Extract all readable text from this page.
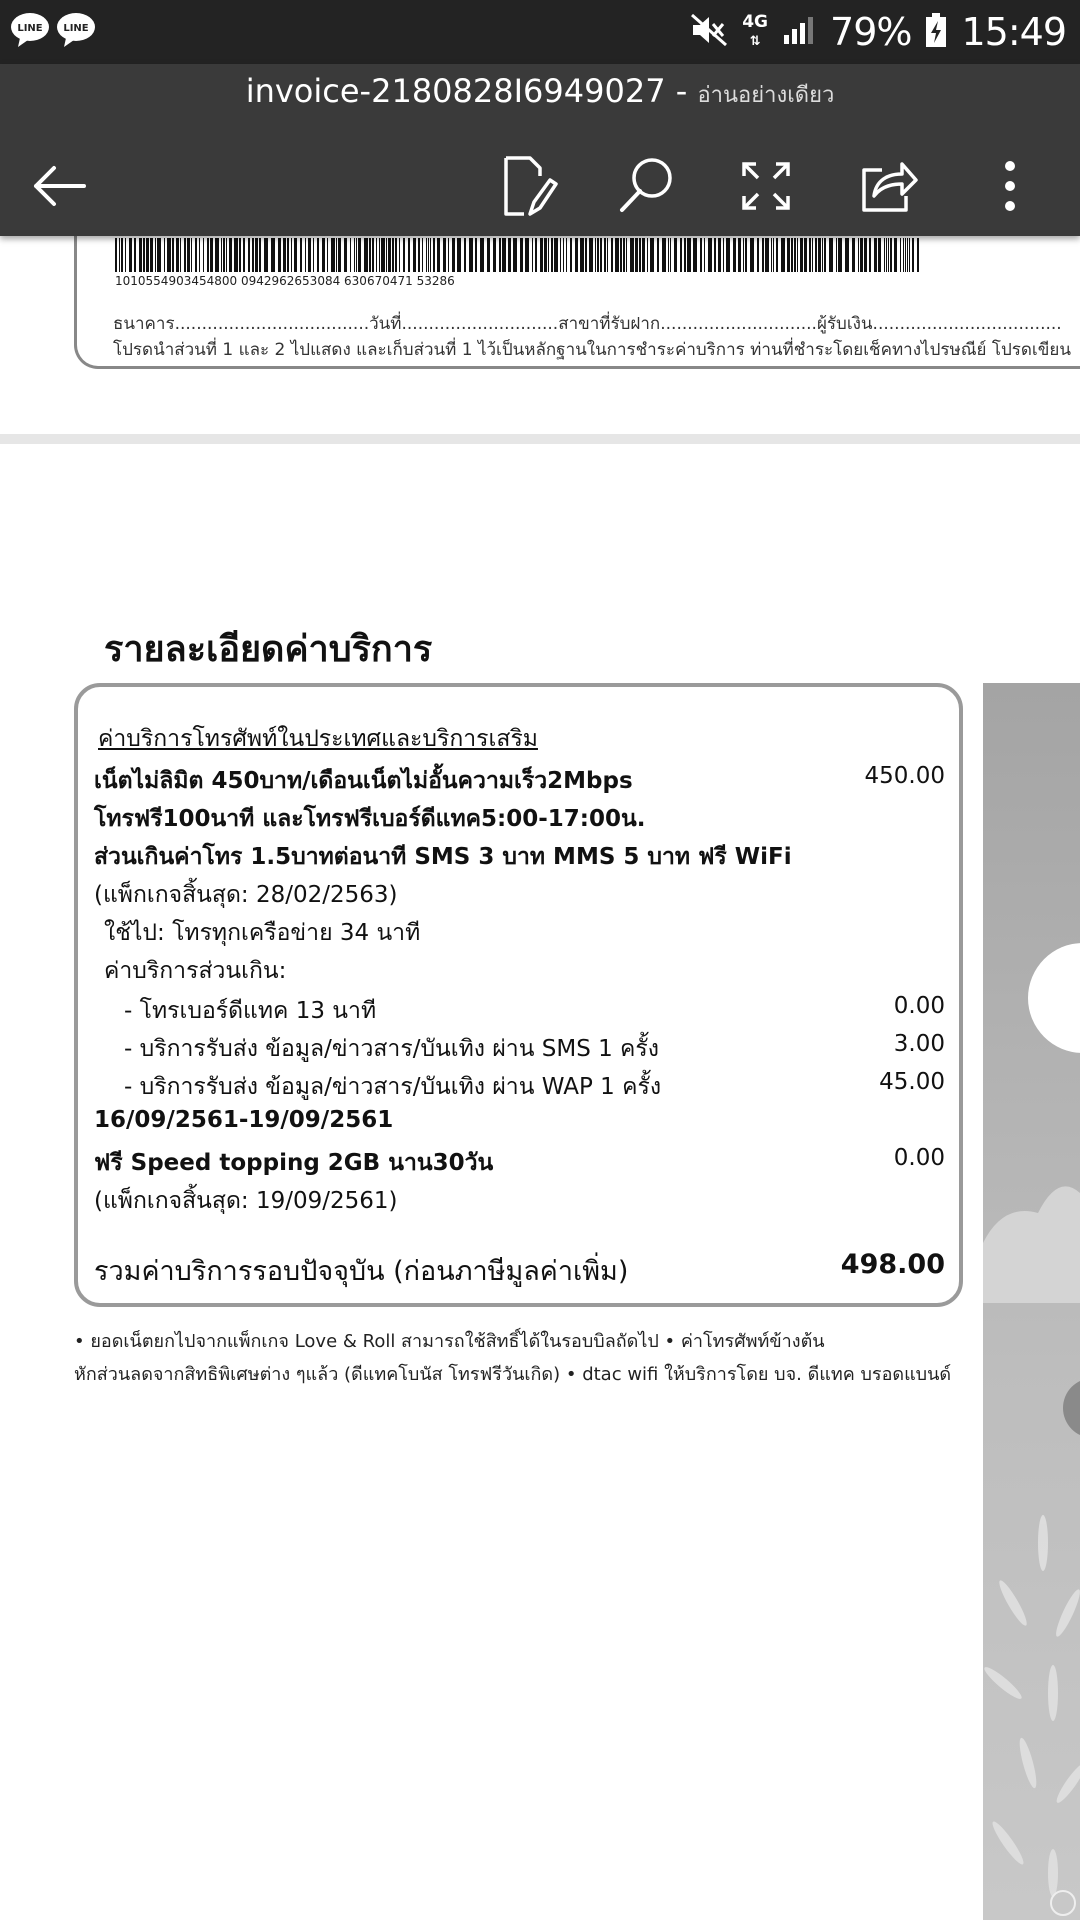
LINE LINE	4G
⇅ 79% 15:49
invoice-2180828I6949027 - อ่านอย่างเดียว
1010554903454800 0942962653084 630670471 53286
ธนาคาร....................................วันที่.............................สาขาที่รับฝาก.............................ผู้รับเงิน...................................
โปรดนำส่วนที่ 1 และ 2 ไปแสดง และเก็บส่วนที่ 1 ไว้เป็นหลักฐานในการชำระค่าบริการ ท่านที่ชำระโดยเช็คทางไปรษณีย์ โปรดเขียน
รายละเอียดค่าบริการ
ค่าบริการโทรศัพท์ในประเทศและบริการเสริม
เน็ตไม่ลิมิต 450บาท/เดือนเน็ตไม่อั้นความเร็ว2Mbps	450.00
โทรฟรี100นาที และโทรฟรีเบอร์ดีแทค5:00-17:00น.
ส่วนเกินค่าโทร 1.5บาทต่อนาที SMS 3 บาท MMS 5 บาท ฟรี WiFi
(แพ็กเกจสิ้นสุด: 28/02/2563)
ใช้ไป: โทรทุกเครือข่าย 34 นาที
ค่าบริการส่วนเกิน:
- โทรเบอร์ดีแทค 13 นาที	0.00
- บริการรับส่ง ข้อมูล/ข่าวสาร/บันเทิง ผ่าน SMS 1 ครั้ง	3.00
- บริการรับส่ง ข้อมูล/ข่าวสาร/บันเทิง ผ่าน WAP 1 ครั้ง	45.00
16/09/2561-19/09/2561
ฟรี Speed topping 2GB นาน30วัน	0.00
(แพ็กเกจสิ้นสุด: 19/09/2561)
รวมค่าบริการรอบปัจจุบัน (ก่อนภาษีมูลค่าเพิ่ม)	498.00
• ยอดเน็ตยกไปจากแพ็กเกจ Love & Roll สามารถใช้สิทธิ์ได้ในรอบบิลถัดไป • ค่าโทรศัพท์ข้างต้น
หักส่วนลดจากสิทธิพิเศษต่าง ๆแล้ว (ดีแทคโบนัส โทรฟรีวันเกิด) • dtac wifi ให้บริการโดย บจ. ดีแทค บรอดแบนด์
